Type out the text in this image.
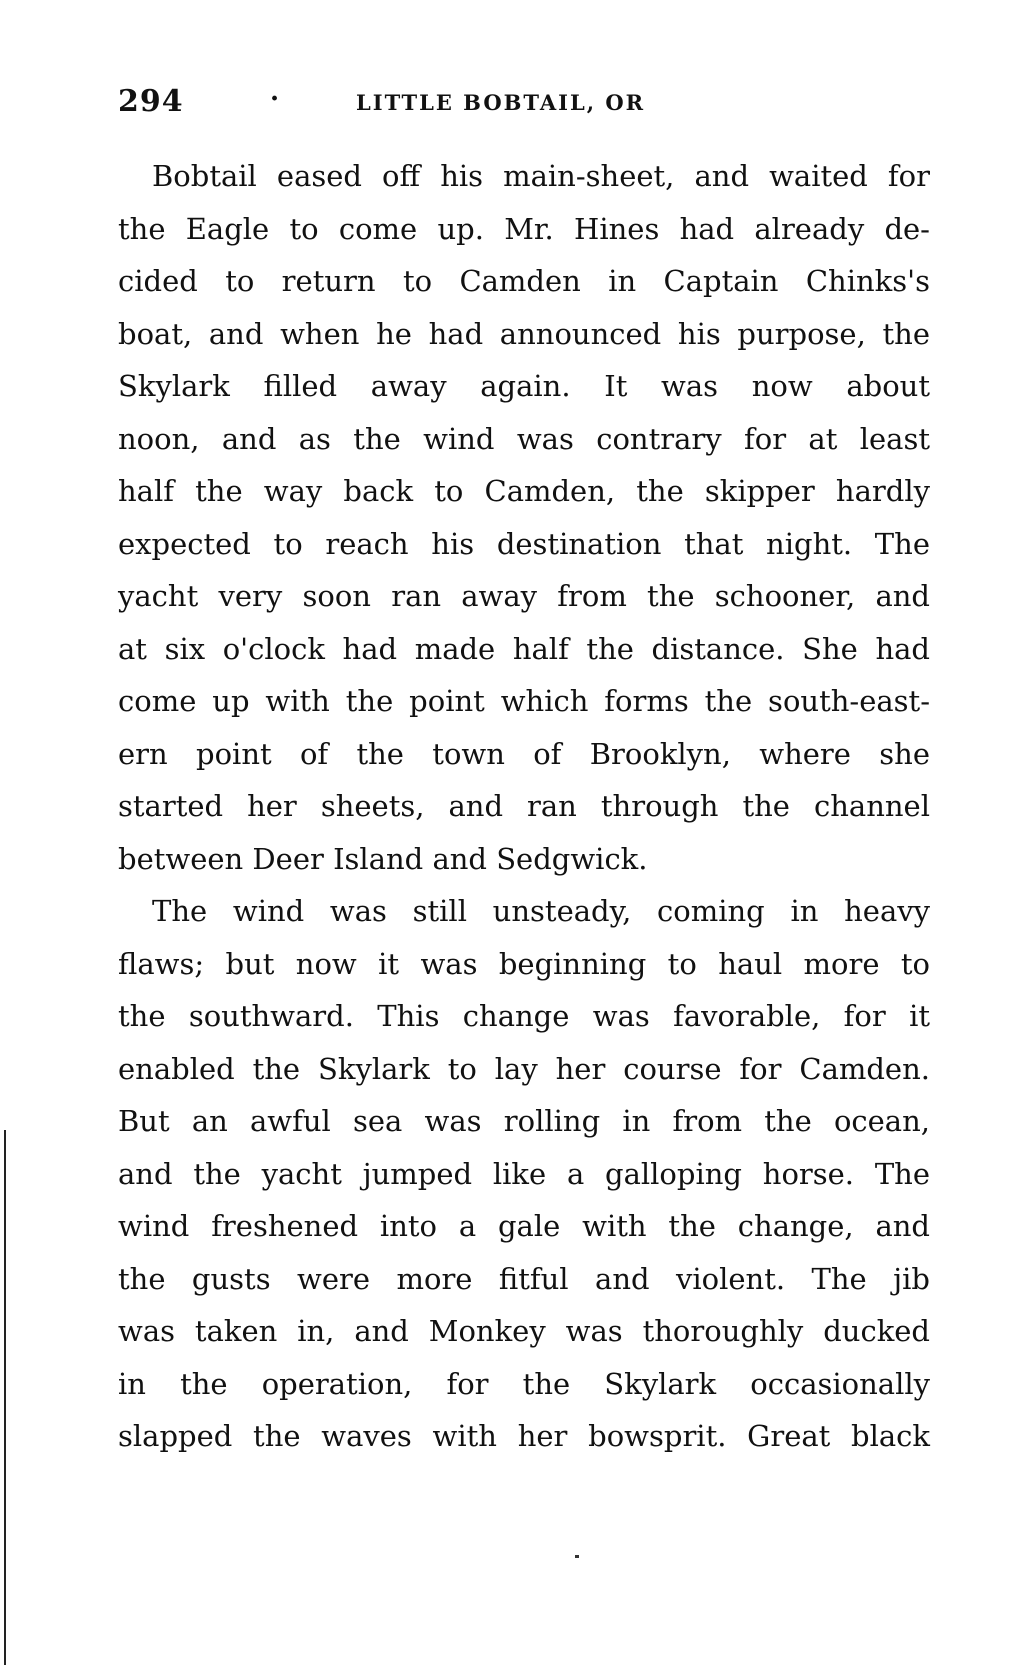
294	·	LITTLE BOBTAIL, OR
Bobtail eased off his main-sheet, and waited for
the Eagle to come up. Mr. Hines had already de-
cided to return to Camden in Captain Chinks's
boat, and when he had announced his purpose, the
Skylark filled away again. It was now about
noon, and as the wind was contrary for at least
half the way back to Camden, the skipper hardly
expected to reach his destination that night. The
yacht very soon ran away from the schooner, and
at six o'clock had made half the distance. She had
come up with the point which forms the south-east-
ern point of the town of Brooklyn, where she
started her sheets, and ran through the channel
between Deer Island and Sedgwick.
The wind was still unsteady, coming in heavy
flaws; but now it was beginning to haul more to
the southward. This change was favorable, for it
enabled the Skylark to lay her course for Camden.
But an awful sea was rolling in from the ocean,
and the yacht jumped like a galloping horse. The
wind freshened into a gale with the change, and
the gusts were more fitful and violent. The jib
was taken in, and Monkey was thoroughly ducked
in the operation, for the Skylark occasionally
slapped the waves with her bowsprit. Great black
